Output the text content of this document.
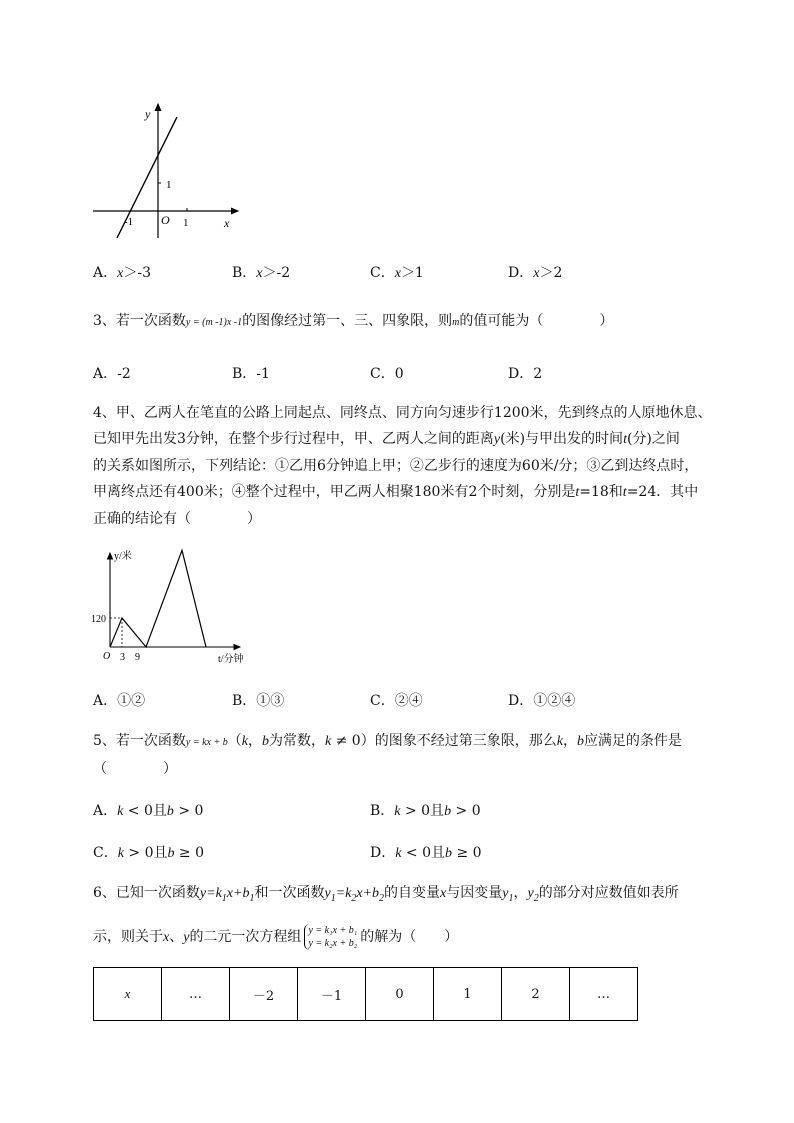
y
x
O
-1	1
1
A．x＞-3	B．x＞-2	C．x＞1	D．x＞2
3、若一次函数y = (m -1)x -1的图像经过第一、三、四象限，则m的值可能为（　　　　）
A．-2	B．-1	C．0	D．2
4、甲、乙两人在笔直的公路上同起点、同终点、同方向匀速步行1200米，先到终点的人原地休息、
已知甲先出发3分钟，在整个步行过程中，甲、乙两人之间的距离y(米)与甲出发的时间t(分)之间
的关系如图所示，下列结论：①乙用6分钟追上甲；②乙步行的速度为60米/分；③乙到达终点时，
甲离终点还有400米；④整个过程中，甲乙两人相聚180米有2个时刻，分别是t=18和t=24．其中
正确的结论有（　　　　）
y/米
t/分钟
O
120
3 9
A．①②	B．①③	C．②④	D．①②④
5、若一次函数y = kx + b（k，b为常数，k ≠ 0）的图象不经过第三象限，那么k，b应满足的条件是
（　　　　）
A．k < 0且b > 0	B．k > 0且b > 0
C．k > 0且b ≥ 0	D．k < 0且b ≥ 0
6、已知一次函数$y=k_1x+b_1$和一次函数$y_1=k_2x+b_2$的自变量x与因变量$y_1$，$y_2$的部分对应数值如表所
示，则关于x、y的二元一次方程组 y = k₁x + b₁
y = k₂x + b₂ 的解为（　　）
x	…	－2	－1	0	1	2	…
